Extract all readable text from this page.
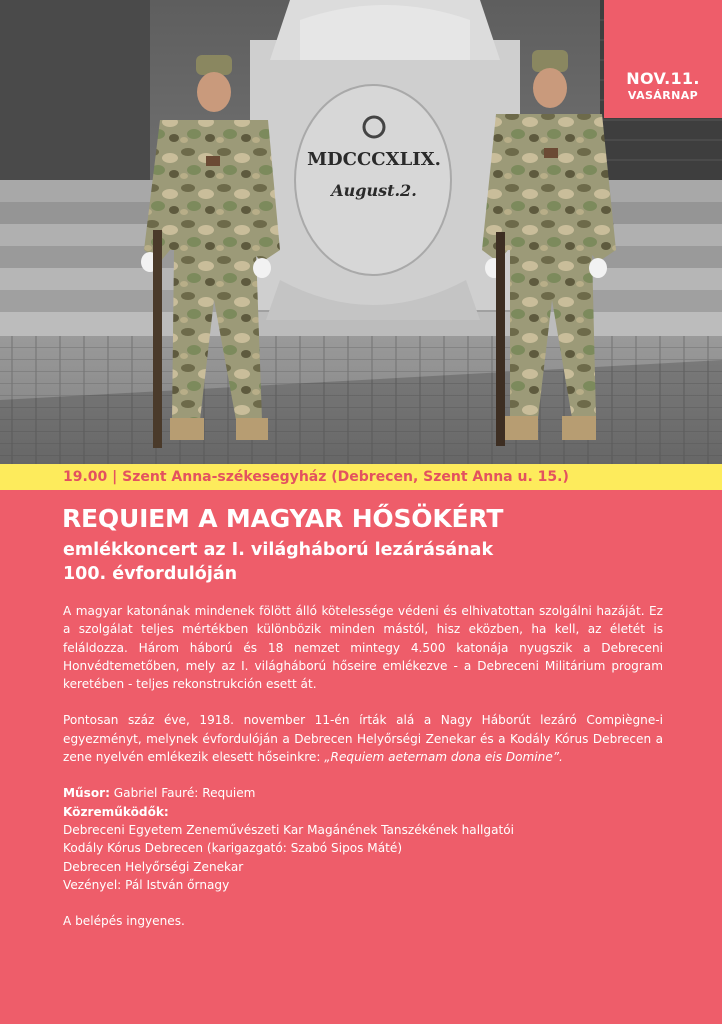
MDCCCXLIX.
August.2.
NOV.11.
VASÁRNAP
19.00 | Szent Anna-székesegyház (Debrecen, Szent Anna u. 15.)
REQUIEM A MAGYAR HŐSÖKÉRT
emlékkoncert az I. világháború lezárásának
100. évfordulóján

A magyar katonának mindenek fölött álló kötelessége védeni és elhivatottan szolgálni hazáját. Ez a szolgálat teljes mértékben különbözik minden mástól, hisz eközben, ha kell, az életét is feláldozza. Három háború és 18 nemzet mintegy 4.500 katonája nyugszik a Debreceni Honvédtemetőben, mely az I. világháború hőseire emlékezve - a Debreceni Militárium program keretében - teljes rekonstrukción esett át.

Pontosan száz éve, 1918. november 11-én írták alá a Nagy Háborút lezáró Compiègne-i egyezményt, melynek évfordulóján a Debrecen Helyőrségi Zenekar és a Kodály Kórus Debrecen a zene nyelvén emlékezik elesett hőseinkre: „Requiem aeternam dona eis Domine”.

Műsor: Gabriel Fauré: Requiem

Közreműködők:

Debreceni Egyetem Zeneművészeti Kar Magánének Tanszékének hallgatói

Kodály Kórus Debrecen (karigazgató: Szabó Sipos Máté)

Debrecen Helyőrségi Zenekar

Vezényel: Pál István őrnagy

A belépés ingyenes.
